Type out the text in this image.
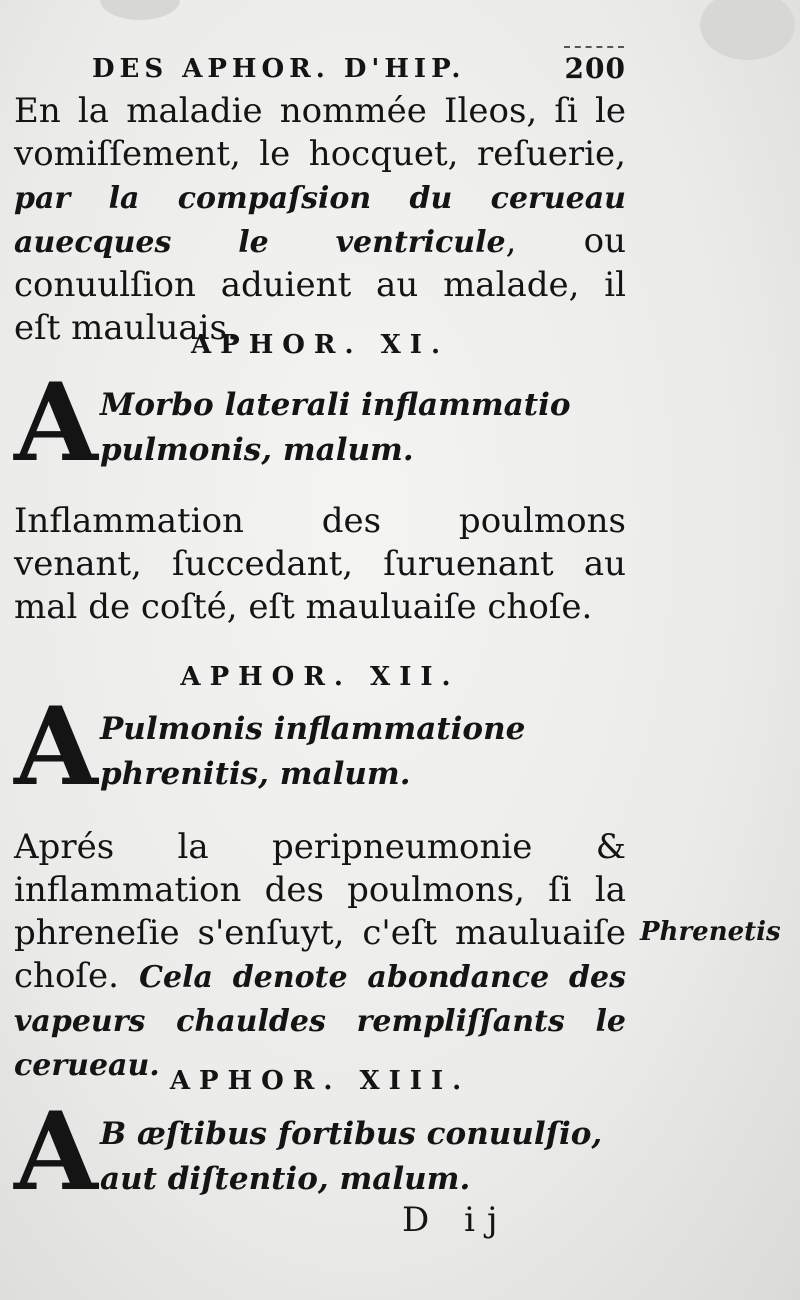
DES APHOR. D'HIP.	200

En la maladie nommée Ileos, ſi le vomiſſement, le hocquet, reſuerie, par la compaſsion du cerueau auecques le ventricule, ou conuulſion aduient au malade, il eſt mauluais.

APHOR. XI.
A Morbo laterali inflammatio pulmonis, malum.

Inflammation des poulmons venant, ſuccedant, ſuruenant au mal de coſté, eſt mauluaiſe choſe.

APHOR. XII.
A Pulmonis inflammatione phrenitis, malum.

Aprés la peripneumonie & inflammation des poulmons, ſi la phreneſie s'enſuyt, c'eſt mauluaiſe choſe. Cela denote abondance des vapeurs chauldes rempliſſants le cerueau.

Phrenetis
APHOR. XIII.
A B æſtibus fortibus conuulſio, aut diſtentio, malum.
D ij
